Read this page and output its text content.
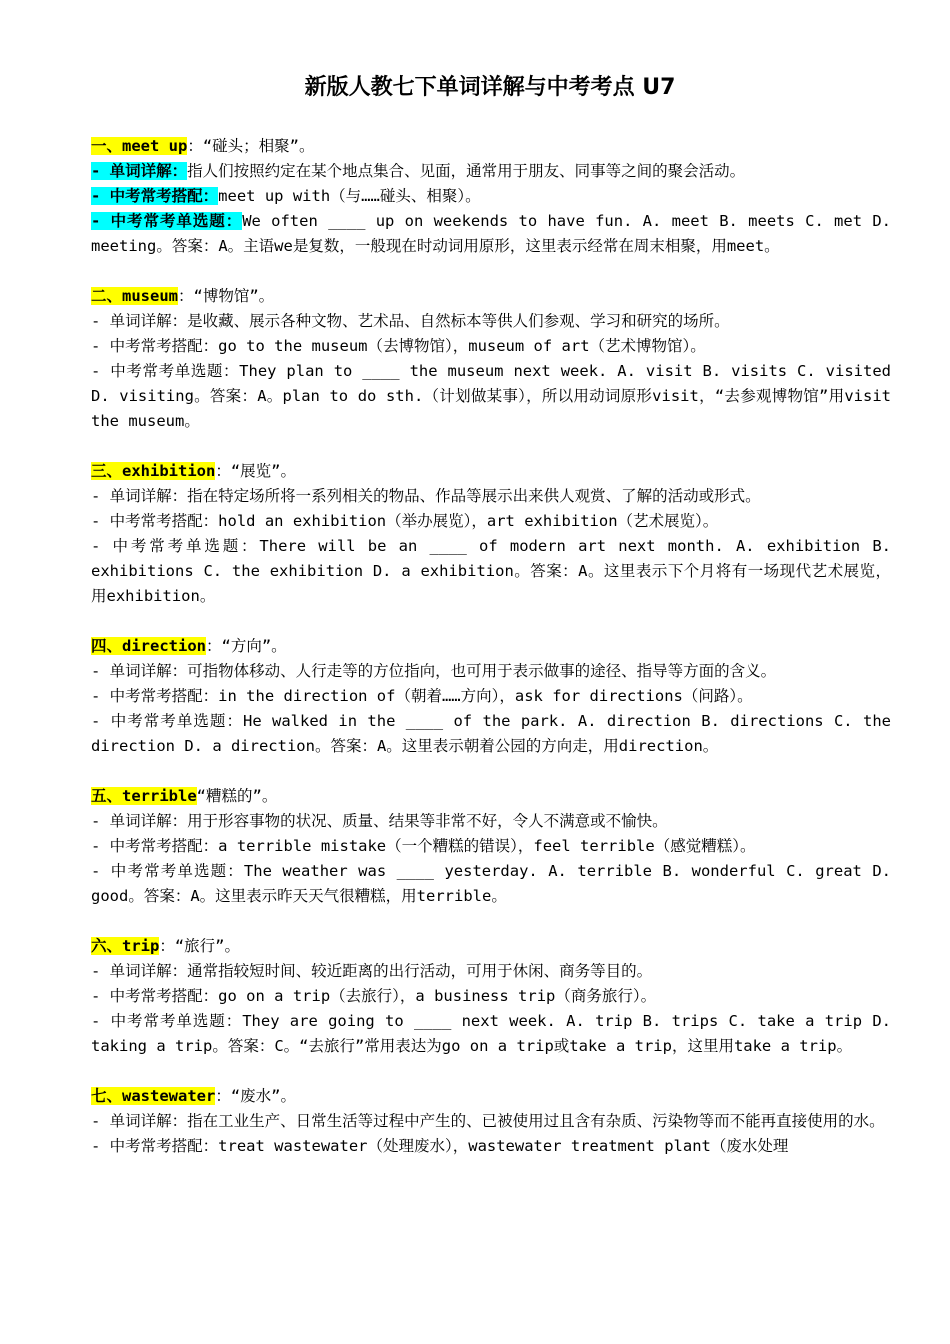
新版人教七下单词详解与中考考点 U7
一、meet up：“碰头；相聚”。
- 单词详解：指人们按照约定在某个地点集合、见面，通常用于朋友、同事等之间的聚会活动。
- 中考常考搭配：meet up with（与……碰头、相聚）。
- 中考常考单选题：We often ____ up on weekends to have fun. A. meet B. meets C. met D. meeting。答案：A。主语we是复数，一般现在时动词用原形，这里表示经常在周末相聚，用meet。
二、museum：“博物馆”。
- 单词详解：是收藏、展示各种文物、艺术品、自然标本等供人们参观、学习和研究的场所。
- 中考常考搭配：go to the museum（去博物馆），museum of art（艺术博物馆）。
- 中考常考单选题：They plan to ____ the museum next week. A. visit B. visits C. visited D. visiting。答案：A。plan to do sth.（计划做某事），所以用动词原形visit，“去参观博物馆”用visit the museum。
三、exhibition：“展览”。
- 单词详解：指在特定场所将一系列相关的物品、作品等展示出来供人观赏、了解的活动或形式。
- 中考常考搭配：hold an exhibition（举办展览），art exhibition（艺术展览）。
- 中考常考单选题：There will be an ____ of modern art next month. A. exhibition B. exhibitions C. the exhibition D. a exhibition。答案：A。这里表示下个月将有一场现代艺术展览，用exhibition。
四、direction：“方向”。
- 单词详解：可指物体移动、人行走等的方位指向，也可用于表示做事的途径、指导等方面的含义。
- 中考常考搭配：in the direction of（朝着……方向），ask for directions（问路）。
- 中考常考单选题：He walked in the ____ of the park. A. direction B. directions C. the direction D. a direction。答案：A。这里表示朝着公园的方向走，用direction。
五、terrible“糟糕的”。
- 单词详解：用于形容事物的状况、质量、结果等非常不好，令人不满意或不愉快。
- 中考常考搭配：a terrible mistake（一个糟糕的错误），feel terrible（感觉糟糕）。
- 中考常考单选题：The weather was ____ yesterday. A. terrible B. wonderful C. great D. good。答案：A。这里表示昨天天气很糟糕，用terrible。
六、trip：“旅行”。
- 单词详解：通常指较短时间、较近距离的出行活动，可用于休闲、商务等目的。
- 中考常考搭配：go on a trip（去旅行），a business trip（商务旅行）。
- 中考常考单选题：They are going to ____ next week. A. trip B. trips C. take a trip D. taking a trip。答案：C。“去旅行”常用表达为go on a trip或take a trip，这里用take a trip。
七、wastewater：“废水”。
- 单词详解：指在工业生产、日常生活等过程中产生的、已被使用过且含有杂质、污染物等而不能再直接使用的水。
- 中考常考搭配：treat wastewater（处理废水），wastewater treatment plant（废水处理
